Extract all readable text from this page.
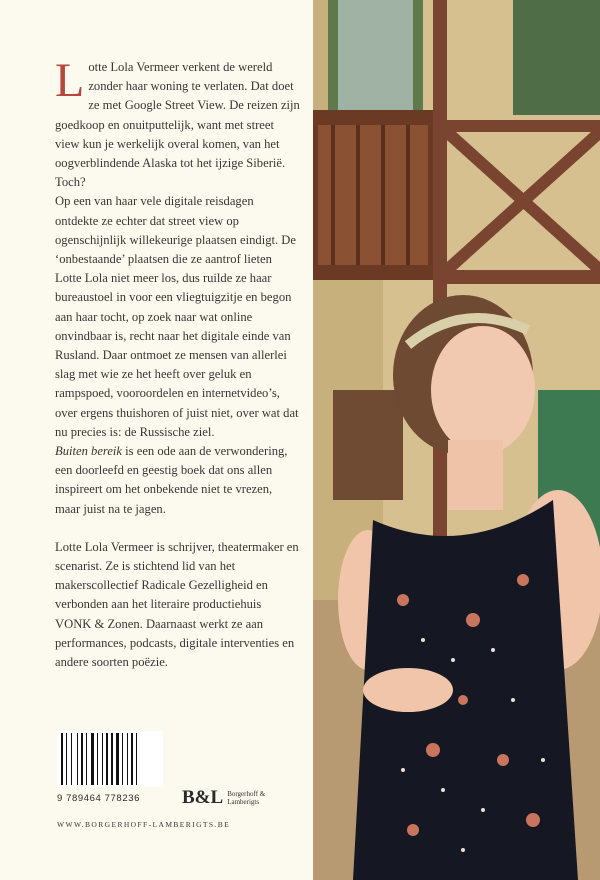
Lotte Lola Vermeer verkent de wereld zonder haar woning te verlaten. Dat doet ze met Google Street View. De reizen zijn goedkoop en onuitputtelijk, want met street view kun je werkelijk overal komen, van het oogverblindende Alaska tot het ijzige Siberië. Toch?

Op een van haar vele digitale reisdagen ontdekte ze echter dat street view op ogenschijnlijk willekeurige plaatsen eindigt. De ‘onbestaande’ plaatsen die ze aantrof lieten Lotte Lola niet meer los, dus ruilde ze haar bureaustoel in voor een vliegtuigzitje en begon aan haar tocht, op zoek naar wat online onvindbaar is, recht naar het digitale einde van Rusland. Daar ontmoet ze mensen van allerlei slag met wie ze het heeft over geluk en rampspoed, vooroordelen en internetvideo’s, over ergens thuishoren of juist niet, over wat dat nu precies is: de Russische ziel.

Buiten bereik is een ode aan de verwondering, een doorleefd en geestig boek dat ons allen inspireert om het onbekende niet te vrezen, maar juist na te jagen.

Lotte Lola Vermeer is schrijver, theatermaker en scenarist. Ze is stichtend lid van het makerscollectief Radicale Gezelligheid en verbonden aan het literaire productiehuis VONK & Zonen. Daarnaast werkt ze aan performances, podcasts, digitale interventies en andere soorten poëzie.

9 789464 778236	B&L Borgerhoff & Lamberigts
WWW.BORGERHOFF-LAMBERIGTS.BE
